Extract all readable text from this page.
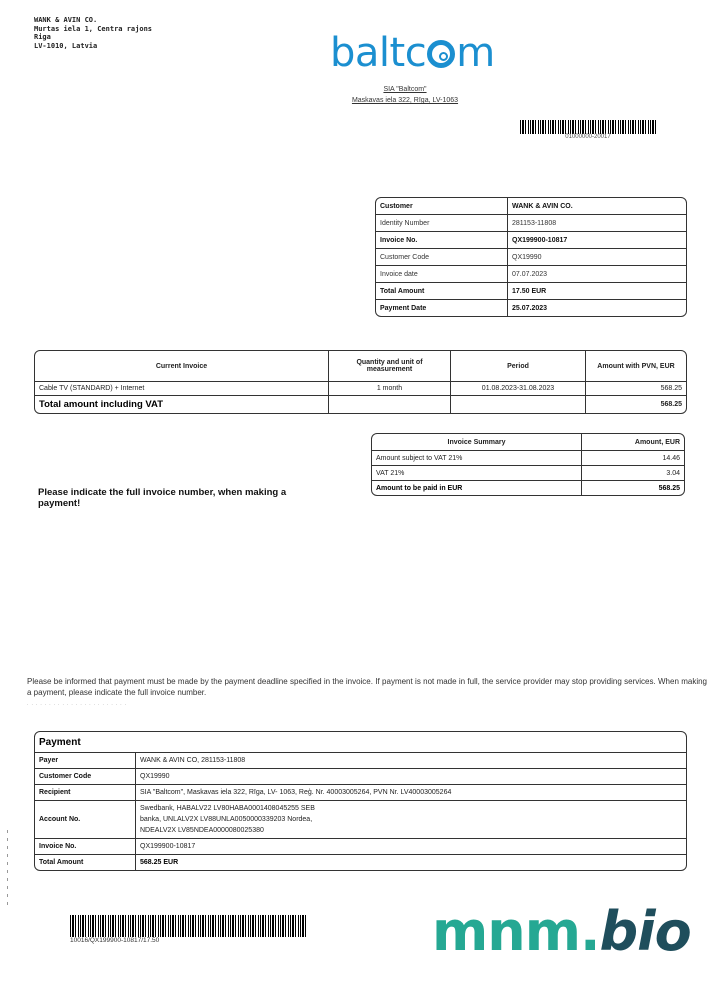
WANK & AVIN CO.
Murtas iela 1, Centra rajons
Riga
LV-1010, Latvia	baltc m
SIA "Baltcom"
Maskavas iela 322, Rīga, LV-1063
01000000-20017
Customer	WANK & AVIN CO.
Identity Number	281153-11808
Invoice No.	QX199900-10817
Customer Code	QX19990
Invoice date	07.07.2023
Total Amount	17.50 EUR
Payment Date	25.07.2023
Current Invoice	Quantity and unit of measurement	Period	Amount with PVN, EUR
Cable TV (STANDARD) + Internet	1 month	01.08.2023-31.08.2023	568.25
Total amount including VAT			568.25
Invoice Summary	Amount, EUR
Amount subject to VAT 21%	14.46
VAT 21%	3.04
Amount to be paid in EUR	568.25
Please indicate the full invoice number, when making a payment!
Please be informed that payment must be made by the payment deadline specified in the invoice. If payment is not made in full, the service provider may stop providing services. When making a payment, please indicate the full invoice number.
· · · · · · · · · · · · · · · · · · · · · · ·
Payment	
Payer	WANK & AVIN CO, 281153-11808
Customer Code	QX19990
Recipient	SIA "Baltcom", Maskavas iela 322, Rīga, LV- 1063, Reģ. Nr. 40003005264, PVN Nr. LV40003005264
Account No.	Swedbank, HABALV22 LV80HABA0001408045255 SEB
banka, UNLALV2X LV88UNLA0050000339203 Nordea,
NDEALV2X LV85NDEA0000080025380

Invoice No.	QX199900-10817
Total Amount	568.25 EUR
10016/QX199900-10817/17.50	mnm.bio
